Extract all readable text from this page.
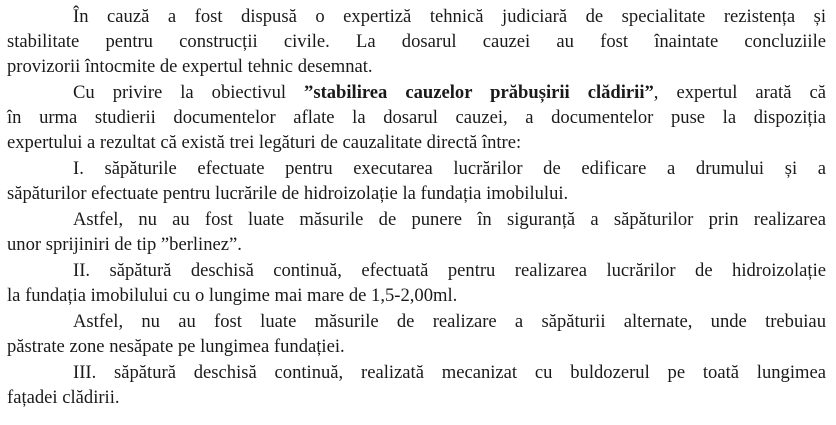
În cauză a fost dispusă o expertiză tehnică judiciară de specialitate rezistența și

stabilitate pentru construcții civile. La dosarul cauzei au fost înaintate concluziile

provizorii întocmite de expertul tehnic desemnat.

Cu privire la obiectivul ”stabilirea cauzelor prăbușirii clădirii”, expertul arată că

în urma studierii documentelor aflate la dosarul cauzei, a documentelor puse la dispoziția

expertului a rezultat că există trei legături de cauzalitate directă între:

I. săpăturile efectuate pentru executarea lucrărilor de edificare a drumului și a

săpăturilor efectuate pentru lucrările de hidroizolație la fundația imobilului.

Astfel, nu au fost luate măsurile de punere în siguranță a săpăturilor prin realizarea

unor sprijiniri de tip ”berlinez”.

II. săpătură deschisă continuă, efectuată pentru realizarea lucrărilor de hidroizolație

la fundația imobilului cu o lungime mai mare de 1,5-2,00ml.

Astfel, nu au fost luate măsurile de realizare a săpăturii alternate, unde trebuiau

păstrate zone nesăpate pe lungimea fundației.

III. săpătură deschisă continuă, realizată mecanizat cu buldozerul pe toată lungimea

fațadei clădirii.
